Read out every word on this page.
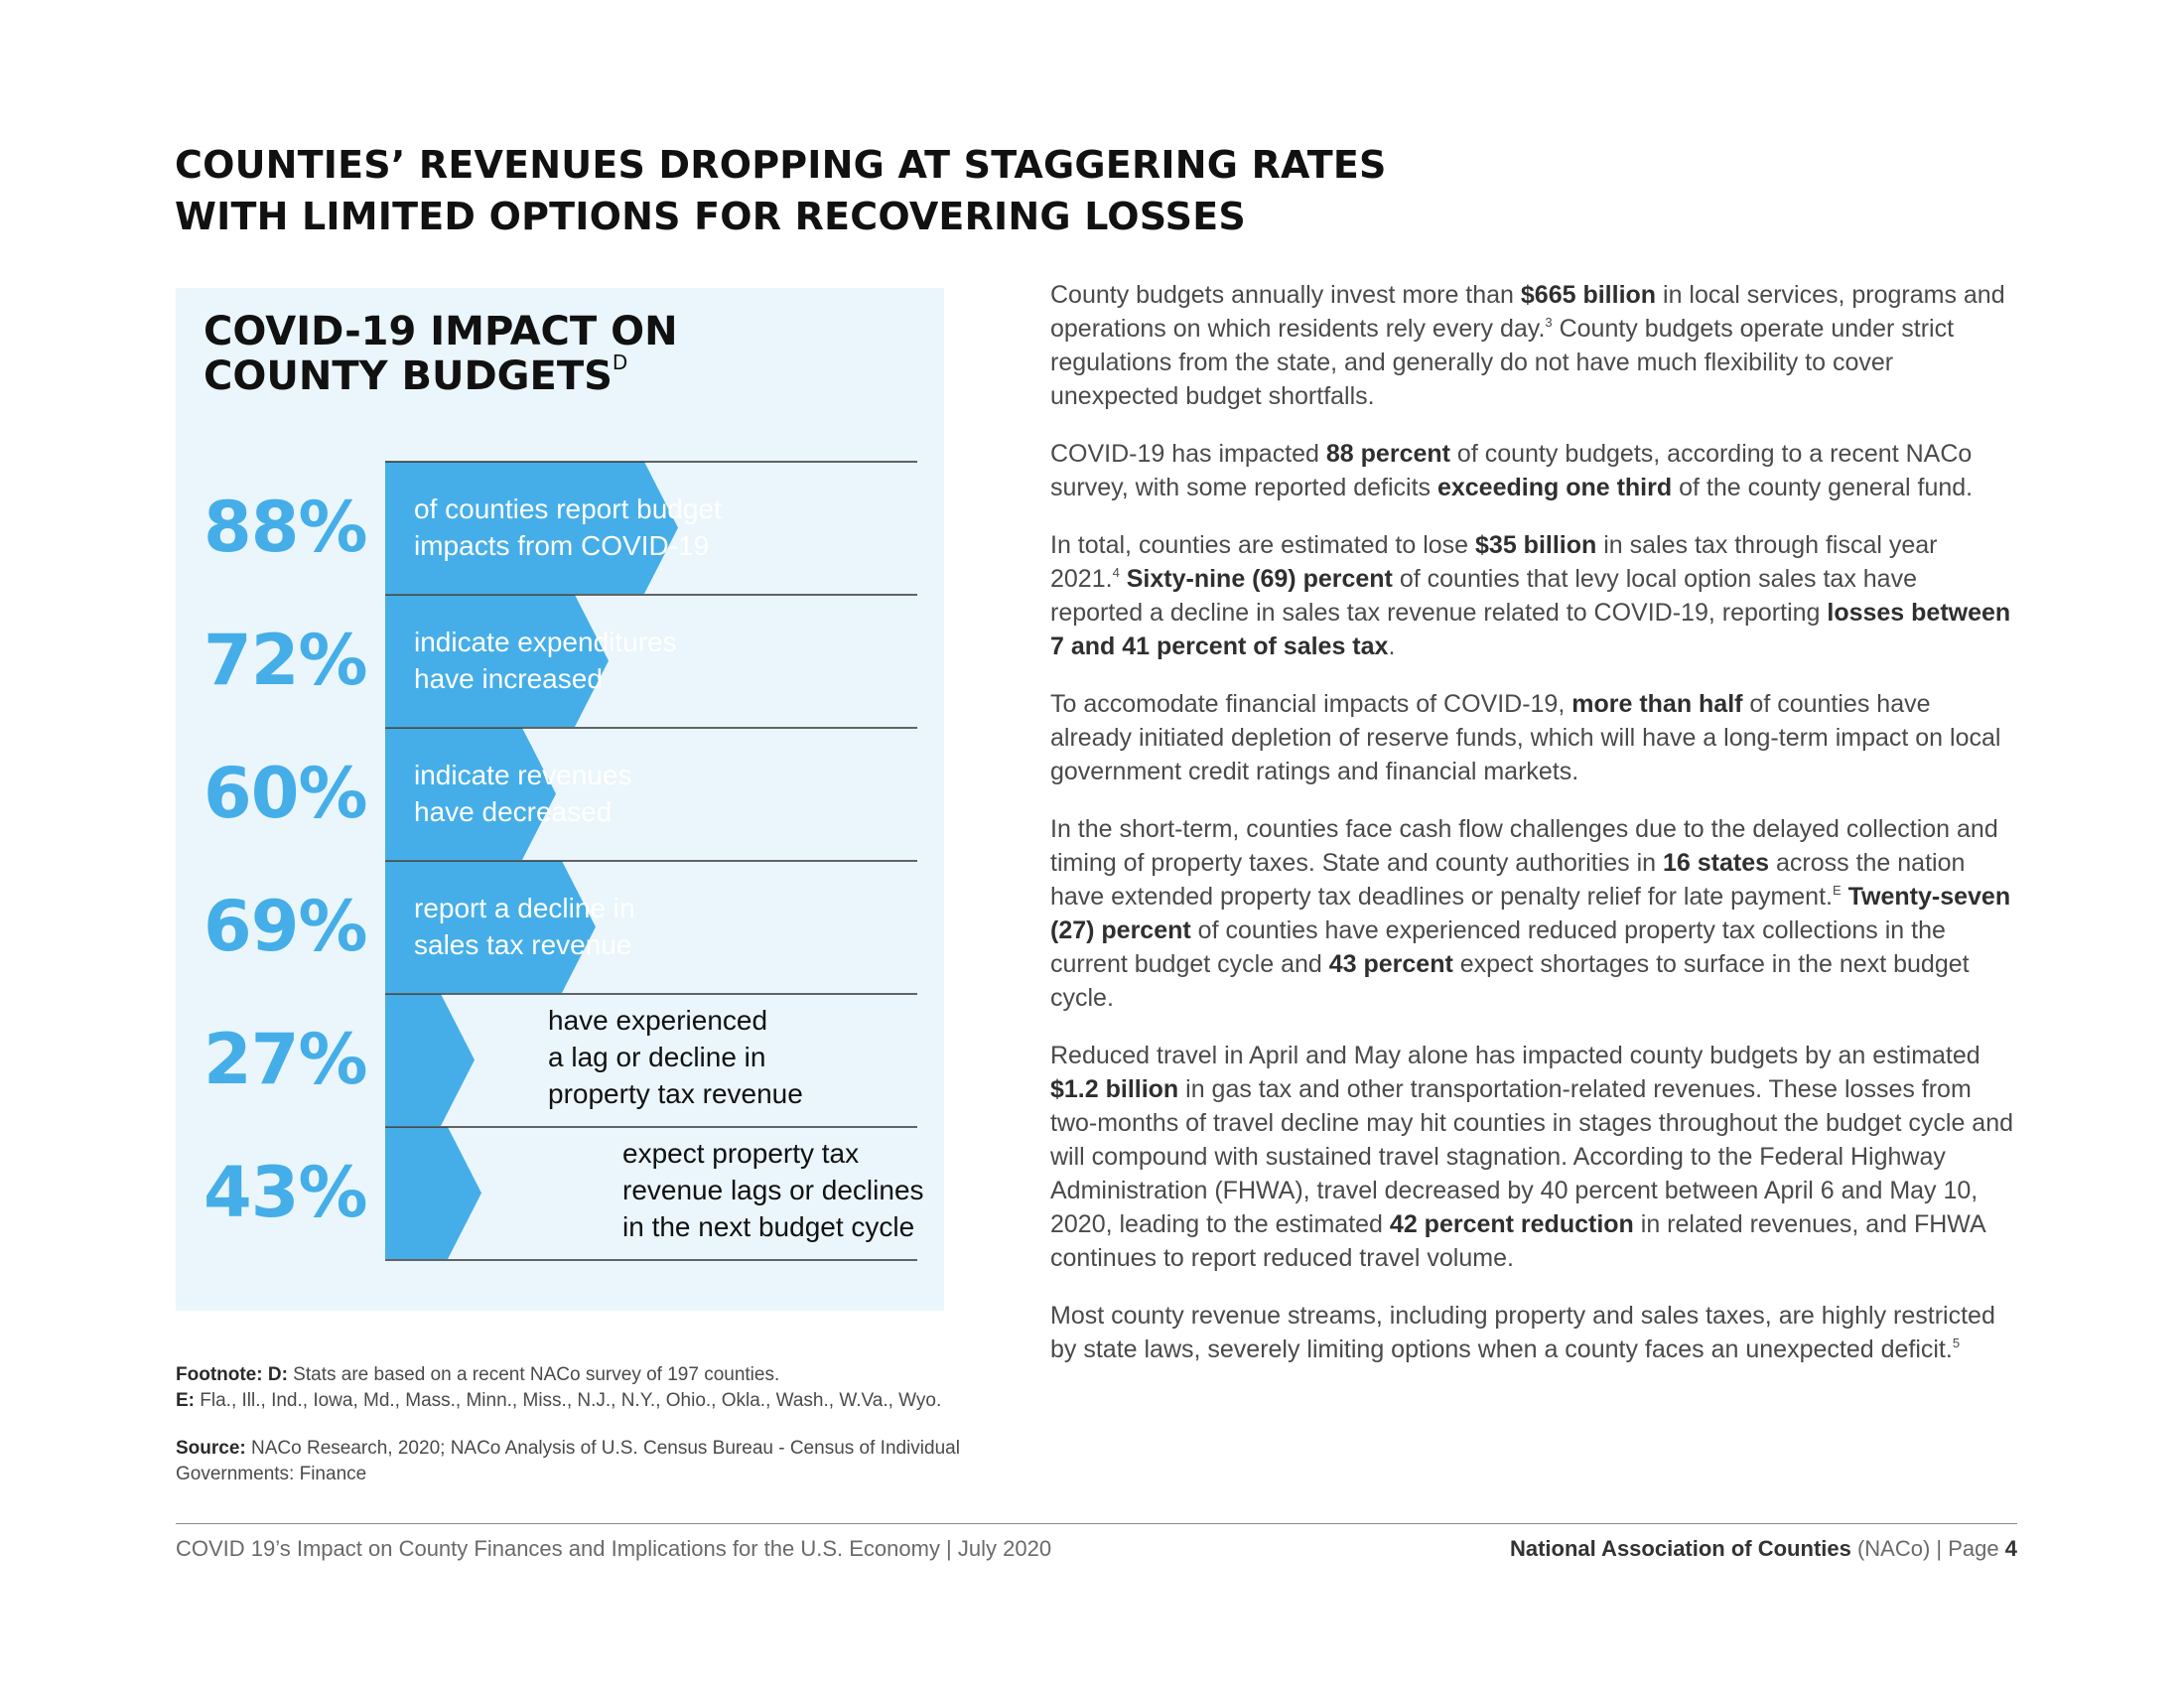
COUNTIES’ REVENUES DROPPING AT STAGGERING RATES
WITH LIMITED OPTIONS FOR RECOVERING LOSSES
COVID-19 IMPACT ON
COUNTY $BUDGETS^D$
88% of counties report budget
impacts from COVID-19
72% indicate expenditures
have increased
60% indicate revenues
have decreased
69% report a decline in
sales tax revenue
27%	have experienced
a lag or decline in
property tax revenue
43%	expect property tax
revenue lags or declines
in the next budget cycle

County budgets annually invest more than $665 billion in local services, programs and operations on which residents rely every day.$^3$ County budgets operate under strict regulations from the state, and generally do not have much flexibility to cover unexpected budget shortfalls.

COVID-19 has impacted 88 percent of county budgets, according to a recent NACo survey, with some reported deficits exceeding one third of the county general fund.

In total, counties are estimated to lose $35 billion in sales tax through fiscal year 2021.$^4$ Sixty-nine (69) percent of counties that levy local option sales tax have reported a decline in sales tax revenue related to COVID-19, reporting losses between 7 and 41 percent of sales tax.

To accomodate financial impacts of COVID-19, more than half of counties have already initiated depletion of reserve funds, which will have a long-term impact on local government credit ratings and financial markets.

In the short-term, counties face cash flow challenges due to the delayed collection and timing of property taxes. State and county authorities in 16 states across the nation have extended property tax deadlines or penalty relief for late payment.$^E$ Twenty-seven (27) percent of counties have experienced reduced property tax collections in the current budget cycle and 43 percent expect shortages to surface in the next budget cycle.

Reduced travel in April and May alone has impacted county budgets by an estimated $1.2 billion in gas tax and other transportation-related revenues. These losses from two-months of travel decline may hit counties in stages throughout the budget cycle and will compound with sustained travel stagnation. According to the Federal Highway Administration (FHWA), travel decreased by 40 percent between April 6 and May 10, 2020, leading to the estimated 42 percent reduction in related revenues, and FHWA continues to report reduced travel volume.

Most county revenue streams, including property and sales taxes, are highly restricted by state laws, severely limiting options when a county faces an unexpected deficit.$^5$

Footnote: D: Stats are based on a recent NACo survey of 197 counties.
E: Fla., Ill., Ind., Iowa, Md., Mass., Minn., Miss., N.J., N.Y., Ohio., Okla., Wash., W.Va., Wyo.
Source: NACo Research, 2020; NACo Analysis of U.S. Census Bureau - Census of Individual Governments: Finance
COVID 19’s Impact on County Finances and Implications for the U.S. Economy | July 2020	National Association of Counties (NACo) | Page 4
